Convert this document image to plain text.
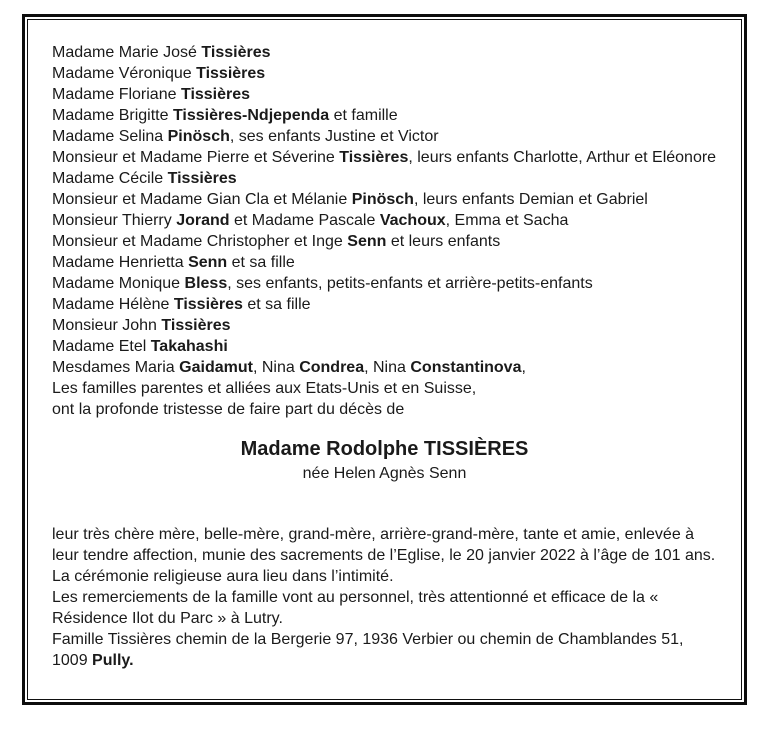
Madame Marie José Tissières
Madame Véronique Tissières
Madame Floriane Tissières
Madame Brigitte Tissières-Ndjependa et famille
Madame Selina Pinösch, ses enfants Justine et Victor
Monsieur et Madame Pierre et Séverine Tissières, leurs enfants Charlotte, Arthur et Eléonore
Madame Cécile Tissières
Monsieur et Madame Gian Cla et Mélanie Pinösch, leurs enfants Demian et Gabriel
Monsieur Thierry Jorand et Madame Pascale Vachoux, Emma et Sacha
Monsieur et Madame Christopher et Inge Senn et leurs enfants
Madame Henrietta Senn et sa fille
Madame Monique Bless, ses enfants, petits-enfants et arrière-petits-enfants
Madame Hélène Tissières et sa fille
Monsieur John Tissières
Madame Etel Takahashi
Mesdames Maria Gaidamut, Nina Condrea, Nina Constantinova,
Les familles parentes et alliées aux Etats-Unis et en Suisse,
ont la profonde tristesse de faire part du décès de
Madame Rodolphe TISSIÈRES
née Helen Agnès Senn
leur très chère mère, belle-mère, grand-mère, arrière-grand-mère, tante et amie, enlevée à leur tendre affection, munie des sacrements de l’Eglise, le 20 janvier 2022 à l’âge de 101 ans.
La cérémonie religieuse aura lieu dans l’intimité.
Les remerciements de la famille vont au personnel, très attentionné et efficace de la « Résidence Ilot du Parc » à Lutry.
Famille Tissières chemin de la Bergerie 97, 1936 Verbier ou chemin de Chamblandes 51, 1009 Pully.
